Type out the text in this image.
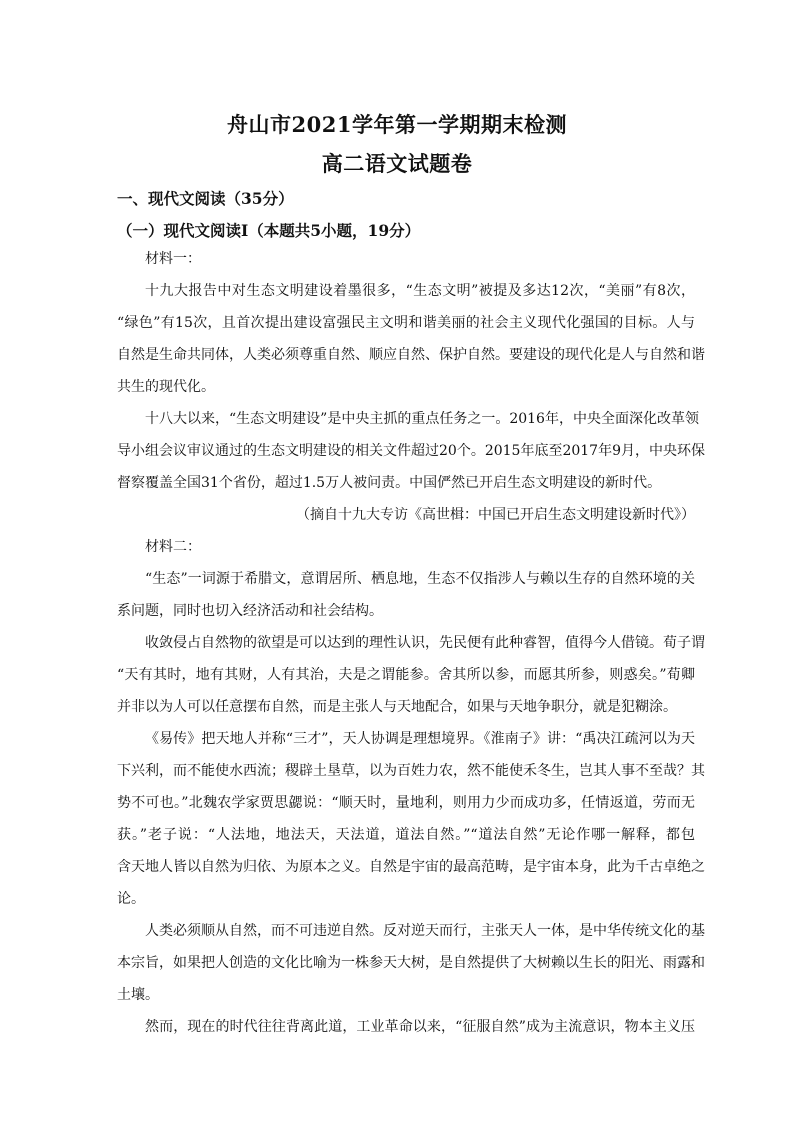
舟山市2021学年第一学期期末检测
高二语文试题卷
一、现代文阅读（35分）
（一）现代文阅读Ⅰ（本题共5小题，19分）
材料一：
十九大报告中对生态文明建设着墨很多，“生态文明”被提及多达12次，“美丽”有8次，
“绿色”有15次，且首次提出建设富强民主文明和谐美丽的社会主义现代化强国的目标。人与
自然是生命共同体，人类必须尊重自然、顺应自然、保护自然。要建设的现代化是人与自然和谐
共生的现代化。
十八大以来，“生态文明建设”是中央主抓的重点任务之一。2016年，中央全面深化改革领
导小组会议审议通过的生态文明建设的相关文件超过20个。2015年底至2017年9月，中央环保
督察覆盖全国31个省份，超过1.5万人被问责。中国俨然已开启生态文明建设的新时代。
（摘自十九大专访《高世楫：中国已开启生态文明建设新时代》）
材料二：
“生态”一词源于希腊文，意谓居所、栖息地，生态不仅指涉人与赖以生存的自然环境的关
系问题，同时也切入经济活动和社会结构。
收敛侵占自然物的欲望是可以达到的理性认识，先民便有此种睿智，值得今人借镜。荀子谓
“天有其时，地有其财，人有其治，夫是之谓能参。舍其所以参，而愿其所参，则惑矣。”荀卿
并非以为人可以任意摆布自然，而是主张人与天地配合，如果与天地争职分，就是犯糊涂。
《易传》把天地人并称“三才”，天人协调是理想境界。《淮南子》讲：“禹决江疏河以为天
下兴利，而不能使水西流；稷辟土垦草，以为百姓力农，然不能使禾冬生，岂其人事不至哉？其
势不可也。”北魏农学家贾思勰说：“顺天时，量地利，则用力少而成功多，任情返道，劳而无
获。”老子说：“人法地，地法天，天法道，道法自然。”“道法自然”无论作哪一解释，都包
含天地人皆以自然为归依、为原本之义。自然是宇宙的最高范畴，是宇宙本身，此为千古卓绝之
论。
人类必须顺从自然，而不可违逆自然。反对逆天而行，主张天人一体，是中华传统文化的基
本宗旨，如果把人创造的文化比喻为一株参天大树，是自然提供了大树赖以生长的阳光、雨露和
土壤。
然而，现在的时代往往背离此道，工业革命以来，“征服自然”成为主流意识，物本主义压
